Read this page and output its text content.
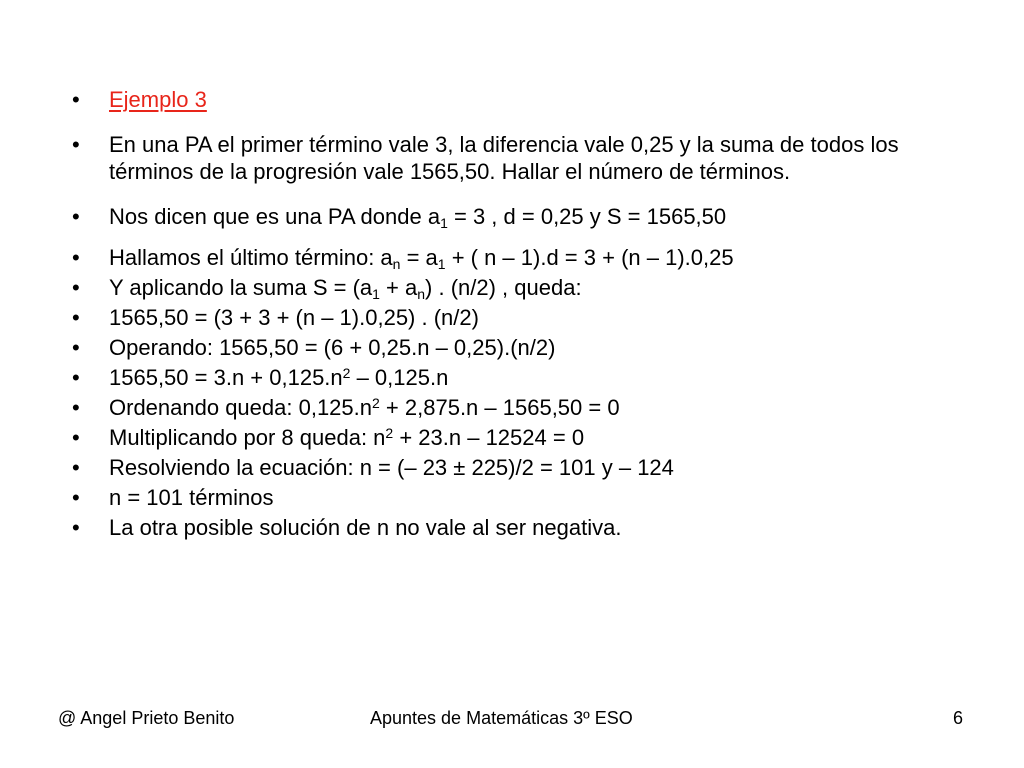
•	Ejemplo 3
•	En una PA el primer término vale 3, la diferencia vale 0,25 y la suma de todos los términos de la progresión vale 1565,50. Hallar el número de términos.
•	Nos dicen que es una PA donde $a_1 = 3$ , d = 0,25 y S = 1565,50
•	Hallamos el último término: $a_n = a_1$ + ( n – 1).d = 3 + (n – 1).0,25
•	Y aplicando la suma $S = (a_1 + a_n)$ . (n/2) , queda:
•	1565,50 = (3 + 3 + (n – 1).0,25) . (n/2)
•	Operando: 1565,50 = (6 + 0,25.n – 0,25).(n/2)
•	$1565,50 = 3.n + 0,125.n^2 - 0,125.n$
•	Ordenando queda: $0,125.n^2 + 2,875.n - 1565,50 = 0$
•	Multiplicando por 8 queda: $n^2 + 23.n - 12524 = 0$
•	Resolviendo la ecuación: n = (– 23 ± 225)/2 = 101 y – 124
•	n = 101 términos
•	La otra posible solución de n no vale al ser negativa.
@ Angel Prieto Benito	Apuntes de Matemáticas 3º ESO	6
